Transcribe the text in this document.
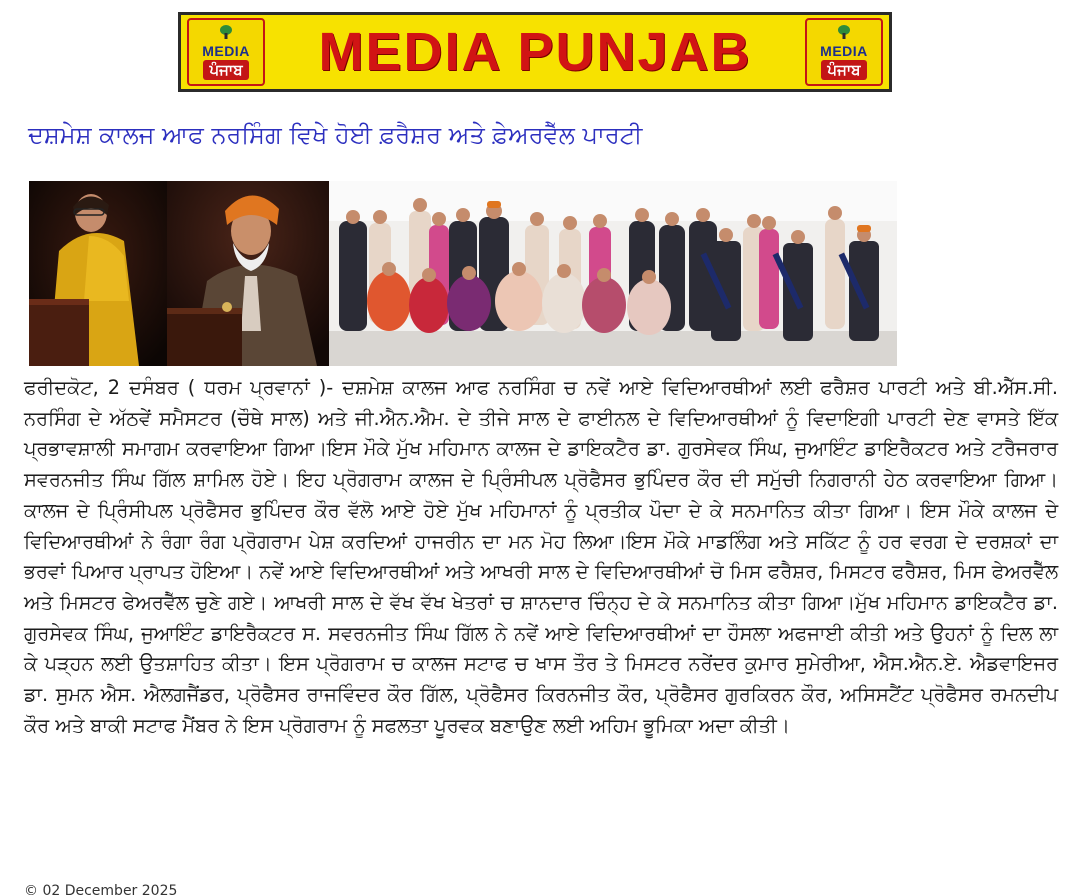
MEDIA
ਪੰਜਾਬ MEDIA PUNJAB	MEDIA
ਪੰਜਾਬ
ਦਸ਼ਮੇਸ਼ ਕਾਲਜ ਆਫ ਨਰਸਿੰਗ ਵਿਖੇ ਹੋਈ ਫ਼ਰੈਸ਼ਰ ਅਤੇ ਫ਼ੇਅਰਵੈੱਲ ਪਾਰਟੀ

ਫਰੀਦਕੋਟ, 2 ਦਸੰਬਰ ( ਧਰਮ ਪ੍ਰਵਾਨਾਂ )- ਦਸ਼ਮੇਸ਼ ਕਾਲਜ ਆਫ ਨਰਸਿੰਗ ਚ ਨਵੇਂ ਆਏ ਵਿਦਿਆਰਥੀਆਂ ਲਈ ਫਰੈਸ਼ਰ ਪਾਰਟੀ ਅਤੇ ਬੀ.ਐੱਸ.ਸੀ. ਨਰਸਿੰਗ ਦੇ ਅੱਠਵੇਂ ਸਮੈਸਟਰ (ਚੌਥੇ ਸਾਲ) ਅਤੇ ਜੀ.ਐਨ.ਐਮ. ਦੇ ਤੀਜੇ ਸਾਲ ਦੇ ਫਾਈਨਲ ਦੇ ਵਿਦਿਆਰਥੀਆਂ ਨੂੰ ਵਿਦਾਇਗੀ ਪਾਰਟੀ ਦੇਣ ਵਾਸਤੇ ਇੱਕ ਪ੍ਰਭਾਵਸ਼ਾਲੀ ਸਮਾਗਮ ਕਰਵਾਇਆ ਗਿਆ।ਇਸ ਮੌਕੇ ਮੁੱਖ ਮਹਿਮਾਨ ਕਾਲਜ ਦੇ ਡਾਇਕਟੈਰ ਡਾ. ਗੁਰਸੇਵਕ ਸਿੰਘ, ਜੁਆਇੰਟ ਡਾਇਰੈਕਟਰ ਅਤੇ ਟਰੈਜਰਾਰ ਸਵਰਨਜੀਤ ਸਿੰਘ ਗਿੱਲ ਸ਼ਾਮਿਲ ਹੋਏ। ਇਹ ਪ੍ਰੋਗਰਾਮ ਕਾਲਜ ਦੇ ਪ੍ਰਿੰਸੀਪਲ ਪ੍ਰੋਫੈਸਰ ਭੁਪਿੰਦਰ ਕੌਰ ਦੀ ਸਮੁੱਚੀ ਨਿਗਰਾਨੀ ਹੇਠ ਕਰਵਾਇਆ ਗਿਆ। ਕਾਲਜ ਦੇ ਪ੍ਰਿੰਸੀਪਲ ਪ੍ਰੋਫੈਸਰ ਭੁਪਿੰਦਰ ਕੌਰ ਵੱਲੋ ਆਏ ਹੋਏ ਮੁੱਖ ਮਹਿਮਾਨਾਂ ਨੂੰ ਪ੍ਰਤੀਕ ਪੌਦਾ ਦੇ ਕੇ ਸਨਮਾਨਿਤ ਕੀਤਾ ਗਿਆ। ਇਸ ਮੌਕੇ ਕਾਲਜ ਦੇ ਵਿਦਿਆਰਥੀਆਂ ਨੇ ਰੰਗਾ ਰੰਗ ਪ੍ਰੋਗਰਾਮ ਪੇਸ਼ ਕਰਦਿਆਂ ਹਾਜਰੀਨ ਦਾ ਮਨ ਮੋਹ ਲਿਆ।ਇਸ ਮੌਕੇ ਮਾਡਲਿੰਗ ਅਤੇ ਸਕਿੱਟ ਨੂੰ ਹਰ ਵਰਗ ਦੇ ਦਰਸ਼ਕਾਂ ਦਾ ਭਰਵਾਂ ਪਿਆਰ ਪ੍ਰਾਪਤ ਹੋਇਆ। ਨਵੇਂ ਆਏ ਵਿਦਿਆਰਥੀਆਂ ਅਤੇ ਆਖਰੀ ਸਾਲ ਦੇ ਵਿਦਿਆਰਥੀਆਂ ਚੋ ਮਿਸ ਫਰੈਸ਼ਰ, ਮਿਸਟਰ ਫਰੈਸ਼ਰ, ਮਿਸ ਫੇਅਰਵੈੱਲ ਅਤੇ ਮਿਸਟਰ ਫੇਅਰਵੈੱਲ ਚੁਣੇ ਗਏ। ਆਖਰੀ ਸਾਲ ਦੇ ਵੱਖ ਵੱਖ ਖੇਤਰਾਂ ਚ ਸ਼ਾਨਦਾਰ ਚਿੰਨ੍ਹ ਦੇ ਕੇ ਸਨਮਾਨਿਤ ਕੀਤਾ ਗਿਆ।ਮੁੱਖ ਮਹਿਮਾਨ ਡਾਇਕਟੈਰ ਡਾ. ਗੁਰਸੇਵਕ ਸਿੰਘ, ਜੁਆਇੰਟ ਡਾਇਰੈਕਟਰ ਸ. ਸਵਰਨਜੀਤ ਸਿੰਘ ਗਿੱਲ ਨੇ ਨਵੇਂ ਆਏ ਵਿਦਿਆਰਥੀਆਂ ਦਾ ਹੌਸਲਾ ਅਫਜਾਈ ਕੀਤੀ ਅਤੇ ਉਹਨਾਂ ਨੂੰ ਦਿਲ ਲਾ ਕੇ ਪੜ੍ਹਨ ਲਈ ਉਤਸ਼ਾਹਿਤ ਕੀਤਾ। ਇਸ ਪ੍ਰੋਗਰਾਮ ਚ ਕਾਲਜ ਸਟਾਫ ਚ ਖਾਸ ਤੌਰ ਤੇ ਮਿਸਟਰ ਨਰੇਂਦਰ ਕੁਮਾਰ ਸੁਮੇਰੀਆ, ਐਸ.ਐਨ.ਏ. ਐਡਵਾਇਜਰ ਡਾ. ਸੁਮਨ ਐਸ. ਐਲਗਜੈਂਡਰ, ਪ੍ਰੋਫੈਸਰ ਰਾਜਵਿੰਦਰ ਕੌਰ ਗਿੱਲ, ਪ੍ਰੋਫੈਸਰ ਕਿਰਨਜੀਤ ਕੌਰ, ਪ੍ਰੋਫੈਸਰ ਗੁਰਕਿਰਨ ਕੌਰ, ਅਸਿਸਟੈਂਟ ਪ੍ਰੋਫੈਸਰ ਰਮਨਦੀਪ ਕੌਰ ਅਤੇ ਬਾਕੀ ਸਟਾਫ ਮੈਂਬਰ ਨੇ ਇਸ ਪ੍ਰੋਗਰਾਮ ਨੂੰ ਸਫਲਤਾ ਪੂਰਵਕ ਬਣਾਉਣ ਲਈ ਅਹਿਮ ਭੂਮਿਕਾ ਅਦਾ ਕੀਤੀ।

© 02 December 2025
